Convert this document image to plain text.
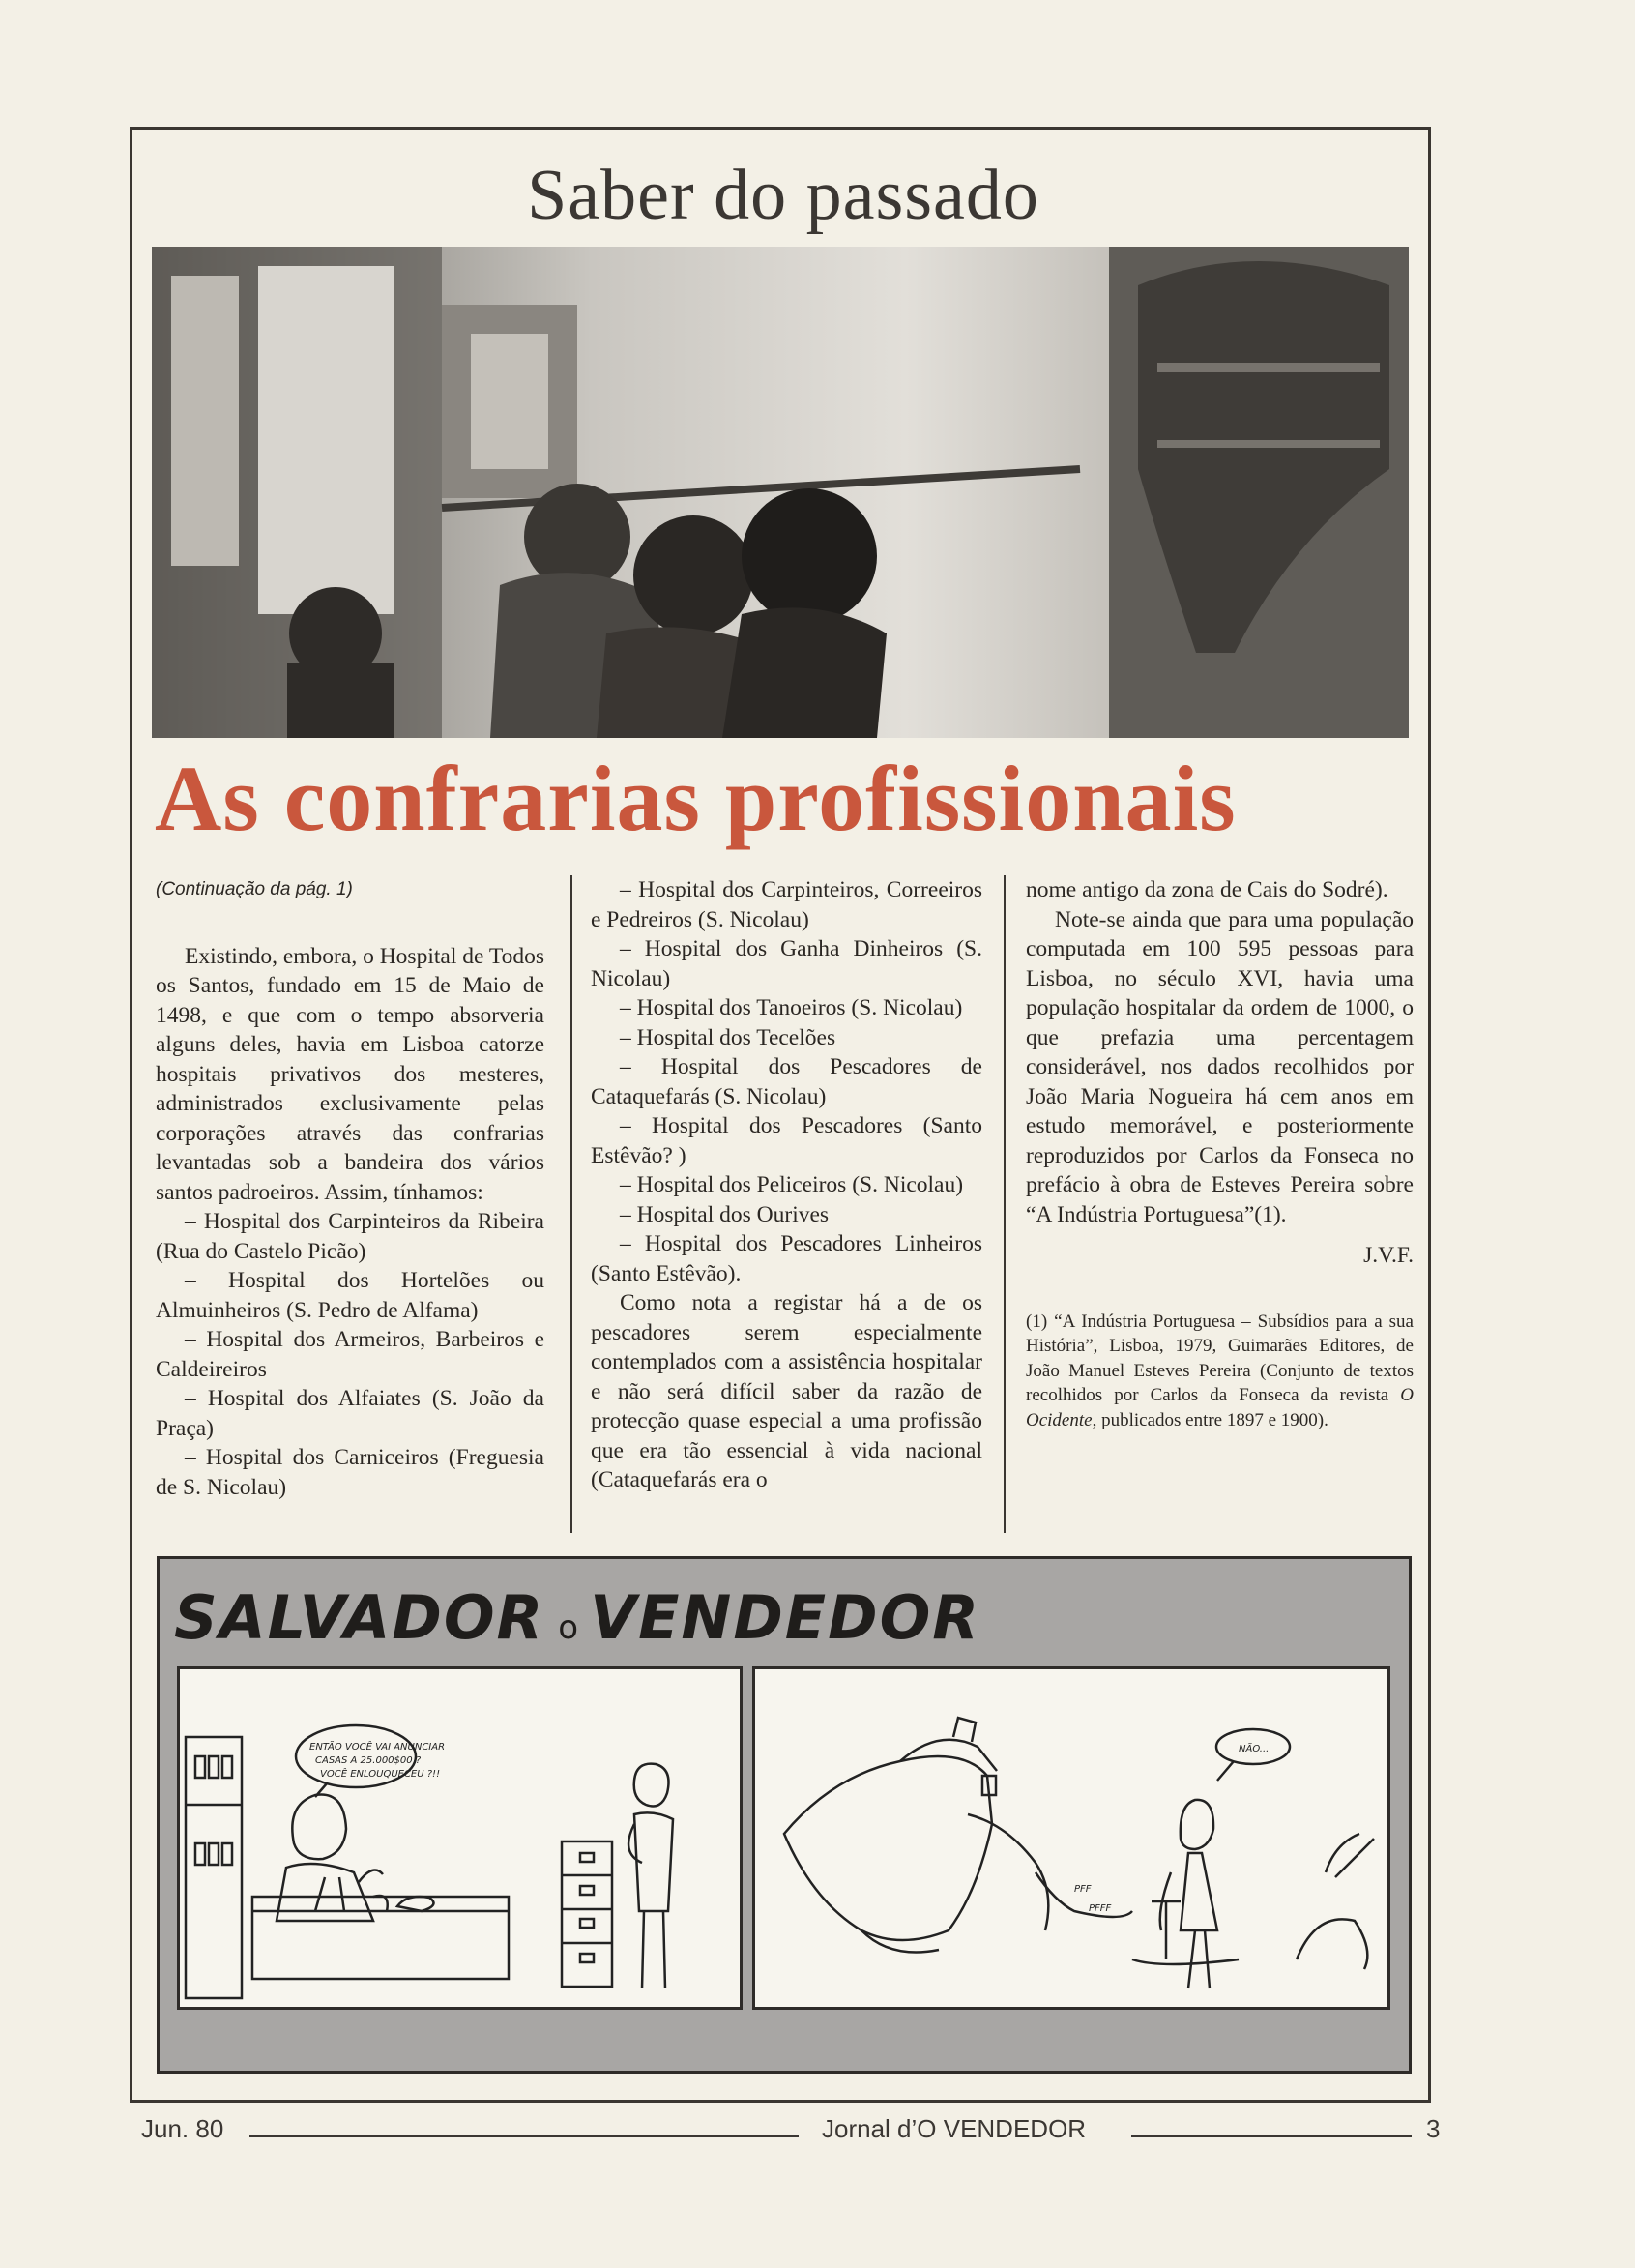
Saber do passado
As confrarias profissionais

(Continuação da pág. 1)

Existindo, embora, o Hospital de Todos os Santos, fundado em 15 de Maio de 1498, e que com o tempo absorveria alguns deles, havia em Lisboa catorze hospitais privativos dos mesteres, administrados exclusivamente pelas corporações através das confrarias levantadas sob a bandeira dos vários santos padroeiros. Assim, tínhamos:

– Hospital dos Carpinteiros da Ribeira (Rua do Castelo Picão)

– Hospital dos Hortelões ou Almuinheiros (S. Pedro de Alfama)

– Hospital dos Armeiros, Barbeiros e Caldeireiros

– Hospital dos Alfaiates (S. João da Praça)

– Hospital dos Carniceiros (Freguesia de S. Nicolau)

– Hospital dos Carpinteiros, Correeiros e Pedreiros (S. Nicolau)

– Hospital dos Ganha Dinheiros (S. Nicolau)

– Hospital dos Tanoeiros (S. Nicolau)

– Hospital dos Tecelões

– Hospital dos Pescadores de Cataquefarás (S. Nicolau)

– Hospital dos Pescadores (Santo Estêvão? )

– Hospital dos Peliceiros (S. Nicolau)

– Hospital dos Ourives

– Hospital dos Pescadores Linheiros (Santo Estêvão).

Como nota a registar há a de os pescadores serem especialmente contemplados com a assistência hospitalar e não será difícil saber da razão de protecção quase especial a uma profissão que era tão essencial à vida nacional (Cataquefarás era o

nome antigo da zona de Cais do Sodré).

Note-se ainda que para uma população computada em 100 595 pessoas para Lisboa, no século XVI, havia uma população hospitalar da ordem de 1000, o que prefazia uma percentagem considerável, nos dados recolhidos por João Maria Nogueira há cem anos em estudo memorável, e posteriormente reproduzidos por Carlos da Fonseca no prefácio à obra de Esteves Pereira sobre “A Indústria Portuguesa”(1).

J.V.F.

(1) “A Indústria Portuguesa – Subsídios para a sua História”, Lisboa, 1979, Guimarães Editores, de João Manuel Esteves Pereira (Conjunto de textos recolhidos por Carlos da Fonseca da revista O Ocidente, publicados entre 1897 e 1900).

SALVADOR o VENDEDOR
ENTÃO VOCÊ VAI ANUNCIAR
CASAS A 25.000$00 ?
VOCÊ ENLOUQUECEU ?!!
NÃO...
PFF
PFFF
Jun. 80	Jornal d’O VENDEDOR	3
